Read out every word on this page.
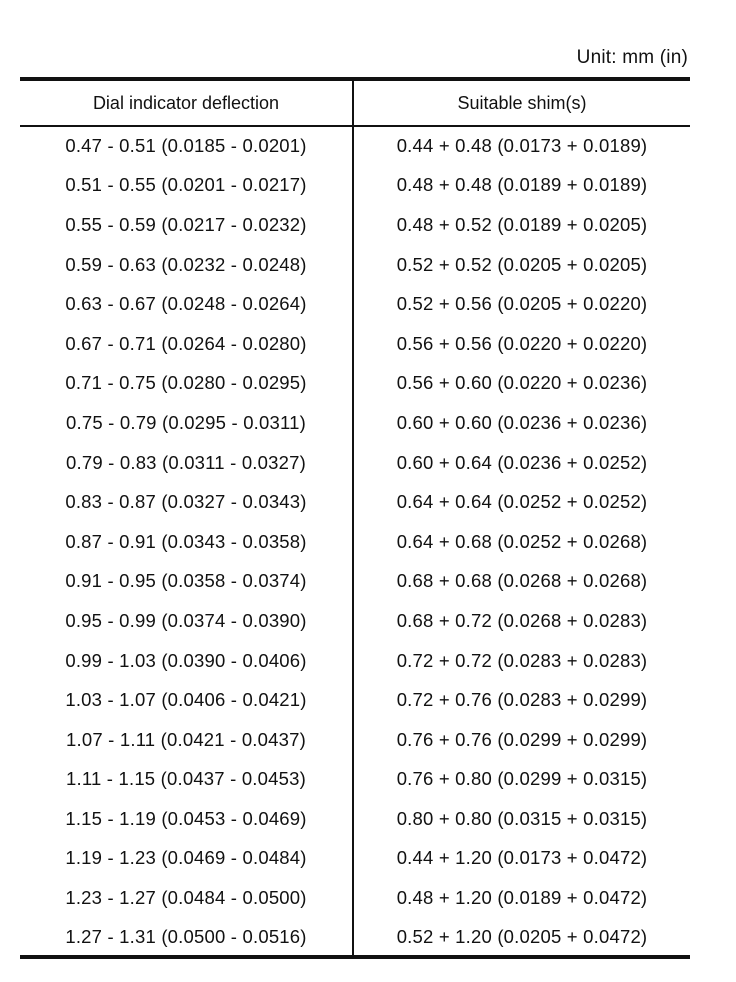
Unit: mm (in)
Dial indicator deflection	Suitable shim(s)
0.47 - 0.51 (0.0185 - 0.0201)	0.44 + 0.48 (0.0173 + 0.0189)
0.51 - 0.55 (0.0201 - 0.0217)	0.48 + 0.48 (0.0189 + 0.0189)
0.55 - 0.59 (0.0217 - 0.0232)	0.48 + 0.52 (0.0189 + 0.0205)
0.59 - 0.63 (0.0232 - 0.0248)	0.52 + 0.52 (0.0205 + 0.0205)
0.63 - 0.67 (0.0248 - 0.0264)	0.52 + 0.56 (0.0205 + 0.0220)
0.67 - 0.71 (0.0264 - 0.0280)	0.56 + 0.56 (0.0220 + 0.0220)
0.71 - 0.75 (0.0280 - 0.0295)	0.56 + 0.60 (0.0220 + 0.0236)
0.75 - 0.79 (0.0295 - 0.0311)	0.60 + 0.60 (0.0236 + 0.0236)
0.79 - 0.83 (0.0311 - 0.0327)	0.60 + 0.64 (0.0236 + 0.0252)
0.83 - 0.87 (0.0327 - 0.0343)	0.64 + 0.64 (0.0252 + 0.0252)
0.87 - 0.91 (0.0343 - 0.0358)	0.64 + 0.68 (0.0252 + 0.0268)
0.91 - 0.95 (0.0358 - 0.0374)	0.68 + 0.68 (0.0268 + 0.0268)
0.95 - 0.99 (0.0374 - 0.0390)	0.68 + 0.72 (0.0268 + 0.0283)
0.99 - 1.03 (0.0390 - 0.0406)	0.72 + 0.72 (0.0283 + 0.0283)
1.03 - 1.07 (0.0406 - 0.0421)	0.72 + 0.76 (0.0283 + 0.0299)
1.07 - 1.11 (0.0421 - 0.0437)	0.76 + 0.76 (0.0299 + 0.0299)
1.11 - 1.15 (0.0437 - 0.0453)	0.76 + 0.80 (0.0299 + 0.0315)
1.15 - 1.19 (0.0453 - 0.0469)	0.80 + 0.80 (0.0315 + 0.0315)
1.19 - 1.23 (0.0469 - 0.0484)	0.44 + 1.20 (0.0173 + 0.0472)
1.23 - 1.27 (0.0484 - 0.0500)	0.48 + 1.20 (0.0189 + 0.0472)
1.27 - 1.31 (0.0500 - 0.0516)	0.52 + 1.20 (0.0205 + 0.0472)
